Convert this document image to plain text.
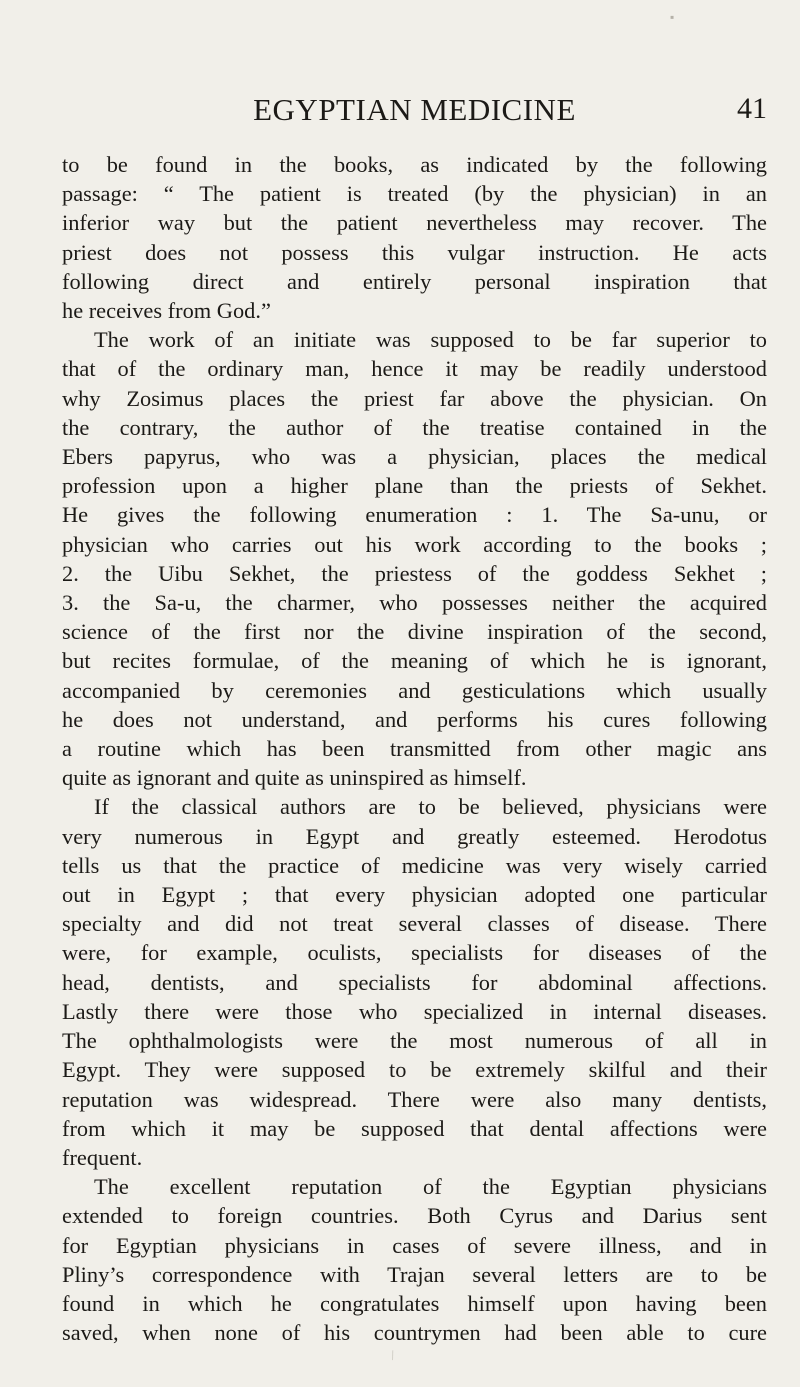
▪
EGYPTIAN MEDICINE	41
to be found in the books, as indicated by the following
passage: “ The patient is treated (by the physician) in an
inferior way but the patient nevertheless may recover. The
priest does not possess this vulgar instruction. He acts
following direct and entirely personal inspiration that
he receives from God.”
The work of an initiate was supposed to be far superior to
that of the ordinary man, hence it may be readily understood
why Zosimus places the priest far above the physician. On
the contrary, the author of the treatise contained in the
Ebers papyrus, who was a physician, places the medical
profession upon a higher plane than the priests of Sekhet.
He gives the following enumeration : 1. The Sa-unu, or
physician who carries out his work according to the books ;
2. the Uibu Sekhet, the priestess of the goddess Sekhet ;
3. the Sa-u, the charmer, who possesses neither the acquired
science of the first nor the divine inspiration of the second,
but recites formulae, of the meaning of which he is ignorant,
accompanied by ceremonies and gesticulations which usually
he does not understand, and performs his cures following
a routine which has been transmitted from other magic ans
quite as ignorant and quite as uninspired as himself.
If the classical authors are to be believed, physicians were
very numerous in Egypt and greatly esteemed. Herodotus
tells us that the practice of medicine was very wisely carried
out in Egypt ; that every physician adopted one particular
specialty and did not treat several classes of disease. There
were, for example, oculists, specialists for diseases of the
head, dentists, and specialists for abdominal affections.
Lastly there were those who specialized in internal diseases.
The ophthalmologists were the most numerous of all in
Egypt. They were supposed to be extremely skilful and their
reputation was widespread. There were also many dentists,
from which it may be supposed that dental affections were
frequent.
The excellent reputation of the Egyptian physicians
extended to foreign countries. Both Cyrus and Darius sent
for Egyptian physicians in cases of severe illness, and in
Pliny’s correspondence with Trajan several letters are to be
found in which he congratulates himself upon having been
saved, when none of his countrymen had been able to cure
⁄
